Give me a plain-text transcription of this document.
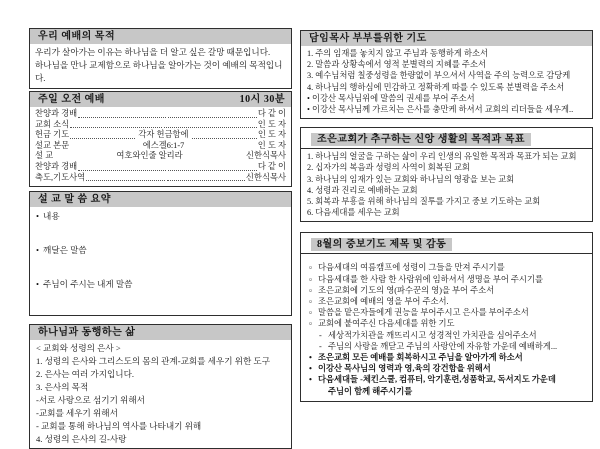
우리 예배의 목적
우리가 살아가는 이유는 하나님을 더 알고 싶은 갈망 때문입니다.
하나님을 만나 교제함으로 하나님을 알아가는 것이 예배의 목적입니다.
주일 오전 예배	10시 30분
찬양과 경배	다 같 이
교회 소식	인 도 자
헌금 기도	각자 헌금함에	인 도 자
설교 본문	에스겔6:1-7	인 도 자
설 교	여호와인줄 알리라	신한식목사
찬양과 경배	다 같 이
축도,기도사역	신한식목사
설 교 말 씀 요약
• 내용
• 깨달은 말씀
• 주님이 주시는 내게 말씀
하나님과 동행하는 삶
< 교회와 성령의 은사 >
1. 성령의 은사와 그리스도의 몸의 관계-교회를 세우기 위한 도구
2. 은사는 여러 가지입니다.
3. 은사의 목적
-서로 사랑으로 섬기기 위해서
-교회를 세우기 위해서
- 교회를 통해 하나님의 역사를 나타내기 위해
4. 성령의 은사의 길-사랑
담임목사 부부를위한 기도
1. 주의 임재를 놓치지 않고 주님과 동행하게 하소서
2. 말씀과 상황속에서 영적 분별력의 지혜를 주소서
3. 예수님처럼 칠중성령을 한량없이 부으셔서 사역을 주의 능력으로 감당케
4. 하나님의 행하심에 민감하고 정확하게 따를 수 있도록 분별력을 주소서
• 이강산 목사님위에 말씀의 권세를 부어 주소서
• 이강산 목사님께 가르치는 은사를 충만케 하셔서 교회의 리더들을 세우게..
조은교회가 추구하는 신앙 생활의 목적과 목표
1. 하나님의 얼굴을 구하는 삶이 우리 인생의 유일한 목적과 목표가 되는 교회
2. 십자가의 복음과 성령의 사역이 회복된 교회
3. 하나님의 임재가 있는 교회와 하나님의 영광을 보는 교회
4. 성령과 진리로 예배하는 교회
5. 회복과 부흥을 위해 하나님의 질투를 가지고 중보 기도하는 교회
6. 다음세대를 세우는 교회
8월의 중보기도 제목 및 감동
▫ 다음세대의 여름캠프에 성령이 그들을 만져 주시기를
▫ 다음세대를 한 사람 한 사람위에 임하셔서 생명을 부어 주시기를
▫ 조은교회에 기도의 영(파수꾼의 영)을 부어 주소서
▫ 조은교회에 예배의 영을 부어 주소서.
▫ 말씀을 맡은자들에게 권능을 부어주시고 은사를 부어주소서
▫ 교회에 붙여주신 다음세대를 위한 기도
- 세상적가치관을 깨뜨리시고 성경적인 가치관을 심어주소서
- 주님의 사랑을 깨닫고 주님의 사랑안에 자유함 가운데 예배하게...
• 조은교회 모든 예배를 회복하시고 주님을 알아가게 하소서
• 이강산 목사님의 영력과 영,육의 강건함을 위해서
• 다음세대들 -체킨스쿨, 컴퓨터, 악기훈련,성품학교, 독서지도 가운데
주님이 함께 해주시기를
